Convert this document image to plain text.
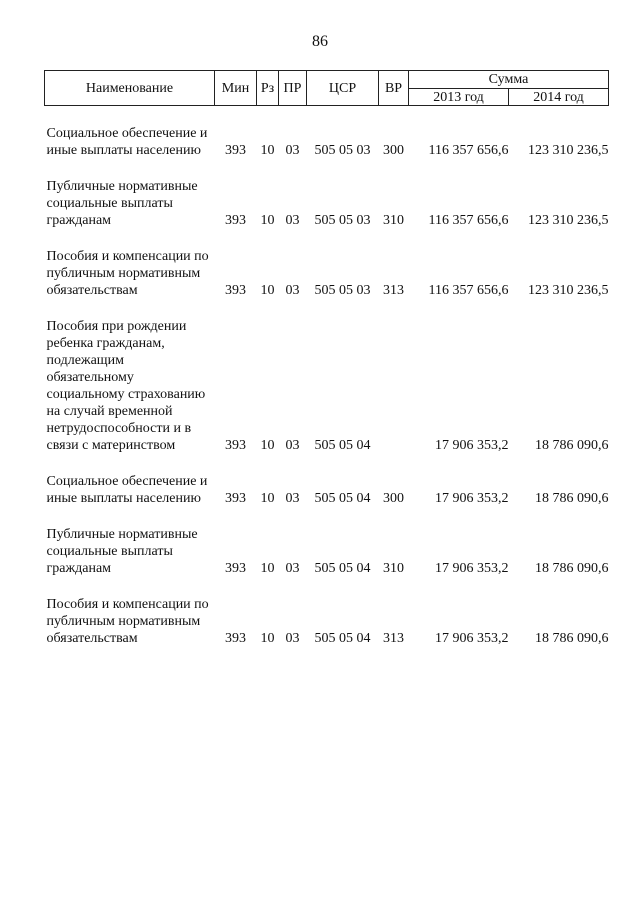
86
Наименование	Мин	Рз	ПР	ЦСР	ВР	Сумма	
						2013 год	2014 год
Социальное обеспечение и иные выплаты населению	393	10	03	505 05 03	300	116 357 656,6	123 310 236,5
Публичные нормативные социальные выплаты гражданам	393	10	03	505 05 03	310	116 357 656,6	123 310 236,5
Пособия и компенсации по публичным нормативным обязательствам	393	10	03	505 05 03	313	116 357 656,6	123 310 236,5
Пособия при рождении ребенка гражданам, подлежащим обязательному социальному страхованию на случай временной нетрудоспособности и в связи с материнством	393	10	03	505 05 04		17 906 353,2	18 786 090,6
Социальное обеспечение и иные выплаты населению	393	10	03	505 05 04	300	17 906 353,2	18 786 090,6
Публичные нормативные социальные выплаты гражданам	393	10	03	505 05 04	310	17 906 353,2	18 786 090,6
Пособия и компенсации по публичным нормативным обязательствам	393	10	03	505 05 04	313	17 906 353,2	18 786 090,6
